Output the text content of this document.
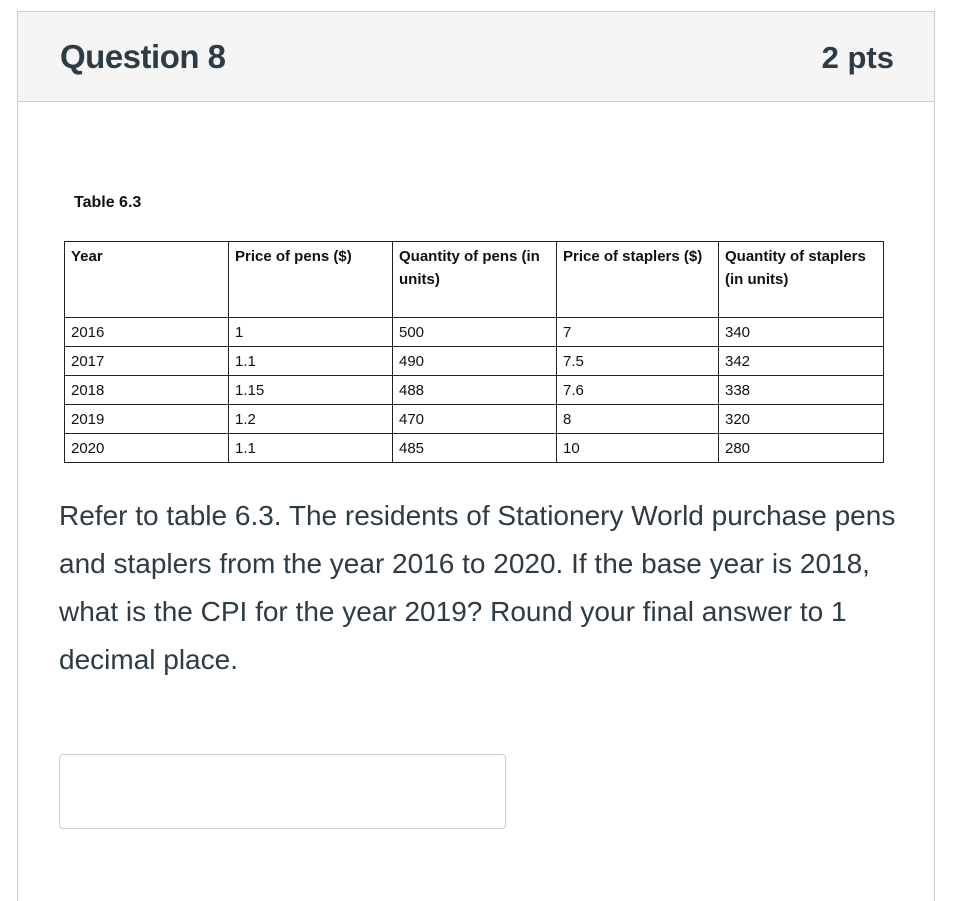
Question 8	2 pts
Table 6.3
Year	Price of pens ($)	Quantity of pens (in units)	Price of staplers ($)	Quantity of staplers (in units)
2016	1	500	7	340
2017	1.1	490	7.5	342
2018	1.15	488	7.6	338
2019	1.2	470	8	320
2020	1.1	485	10	280
Refer to table 6.3. The residents of Stationery World purchase pens and staplers from the year 2016 to 2020. If the base year is 2018, what is the CPI for the year 2019? Round your final answer to 1 decimal place.
